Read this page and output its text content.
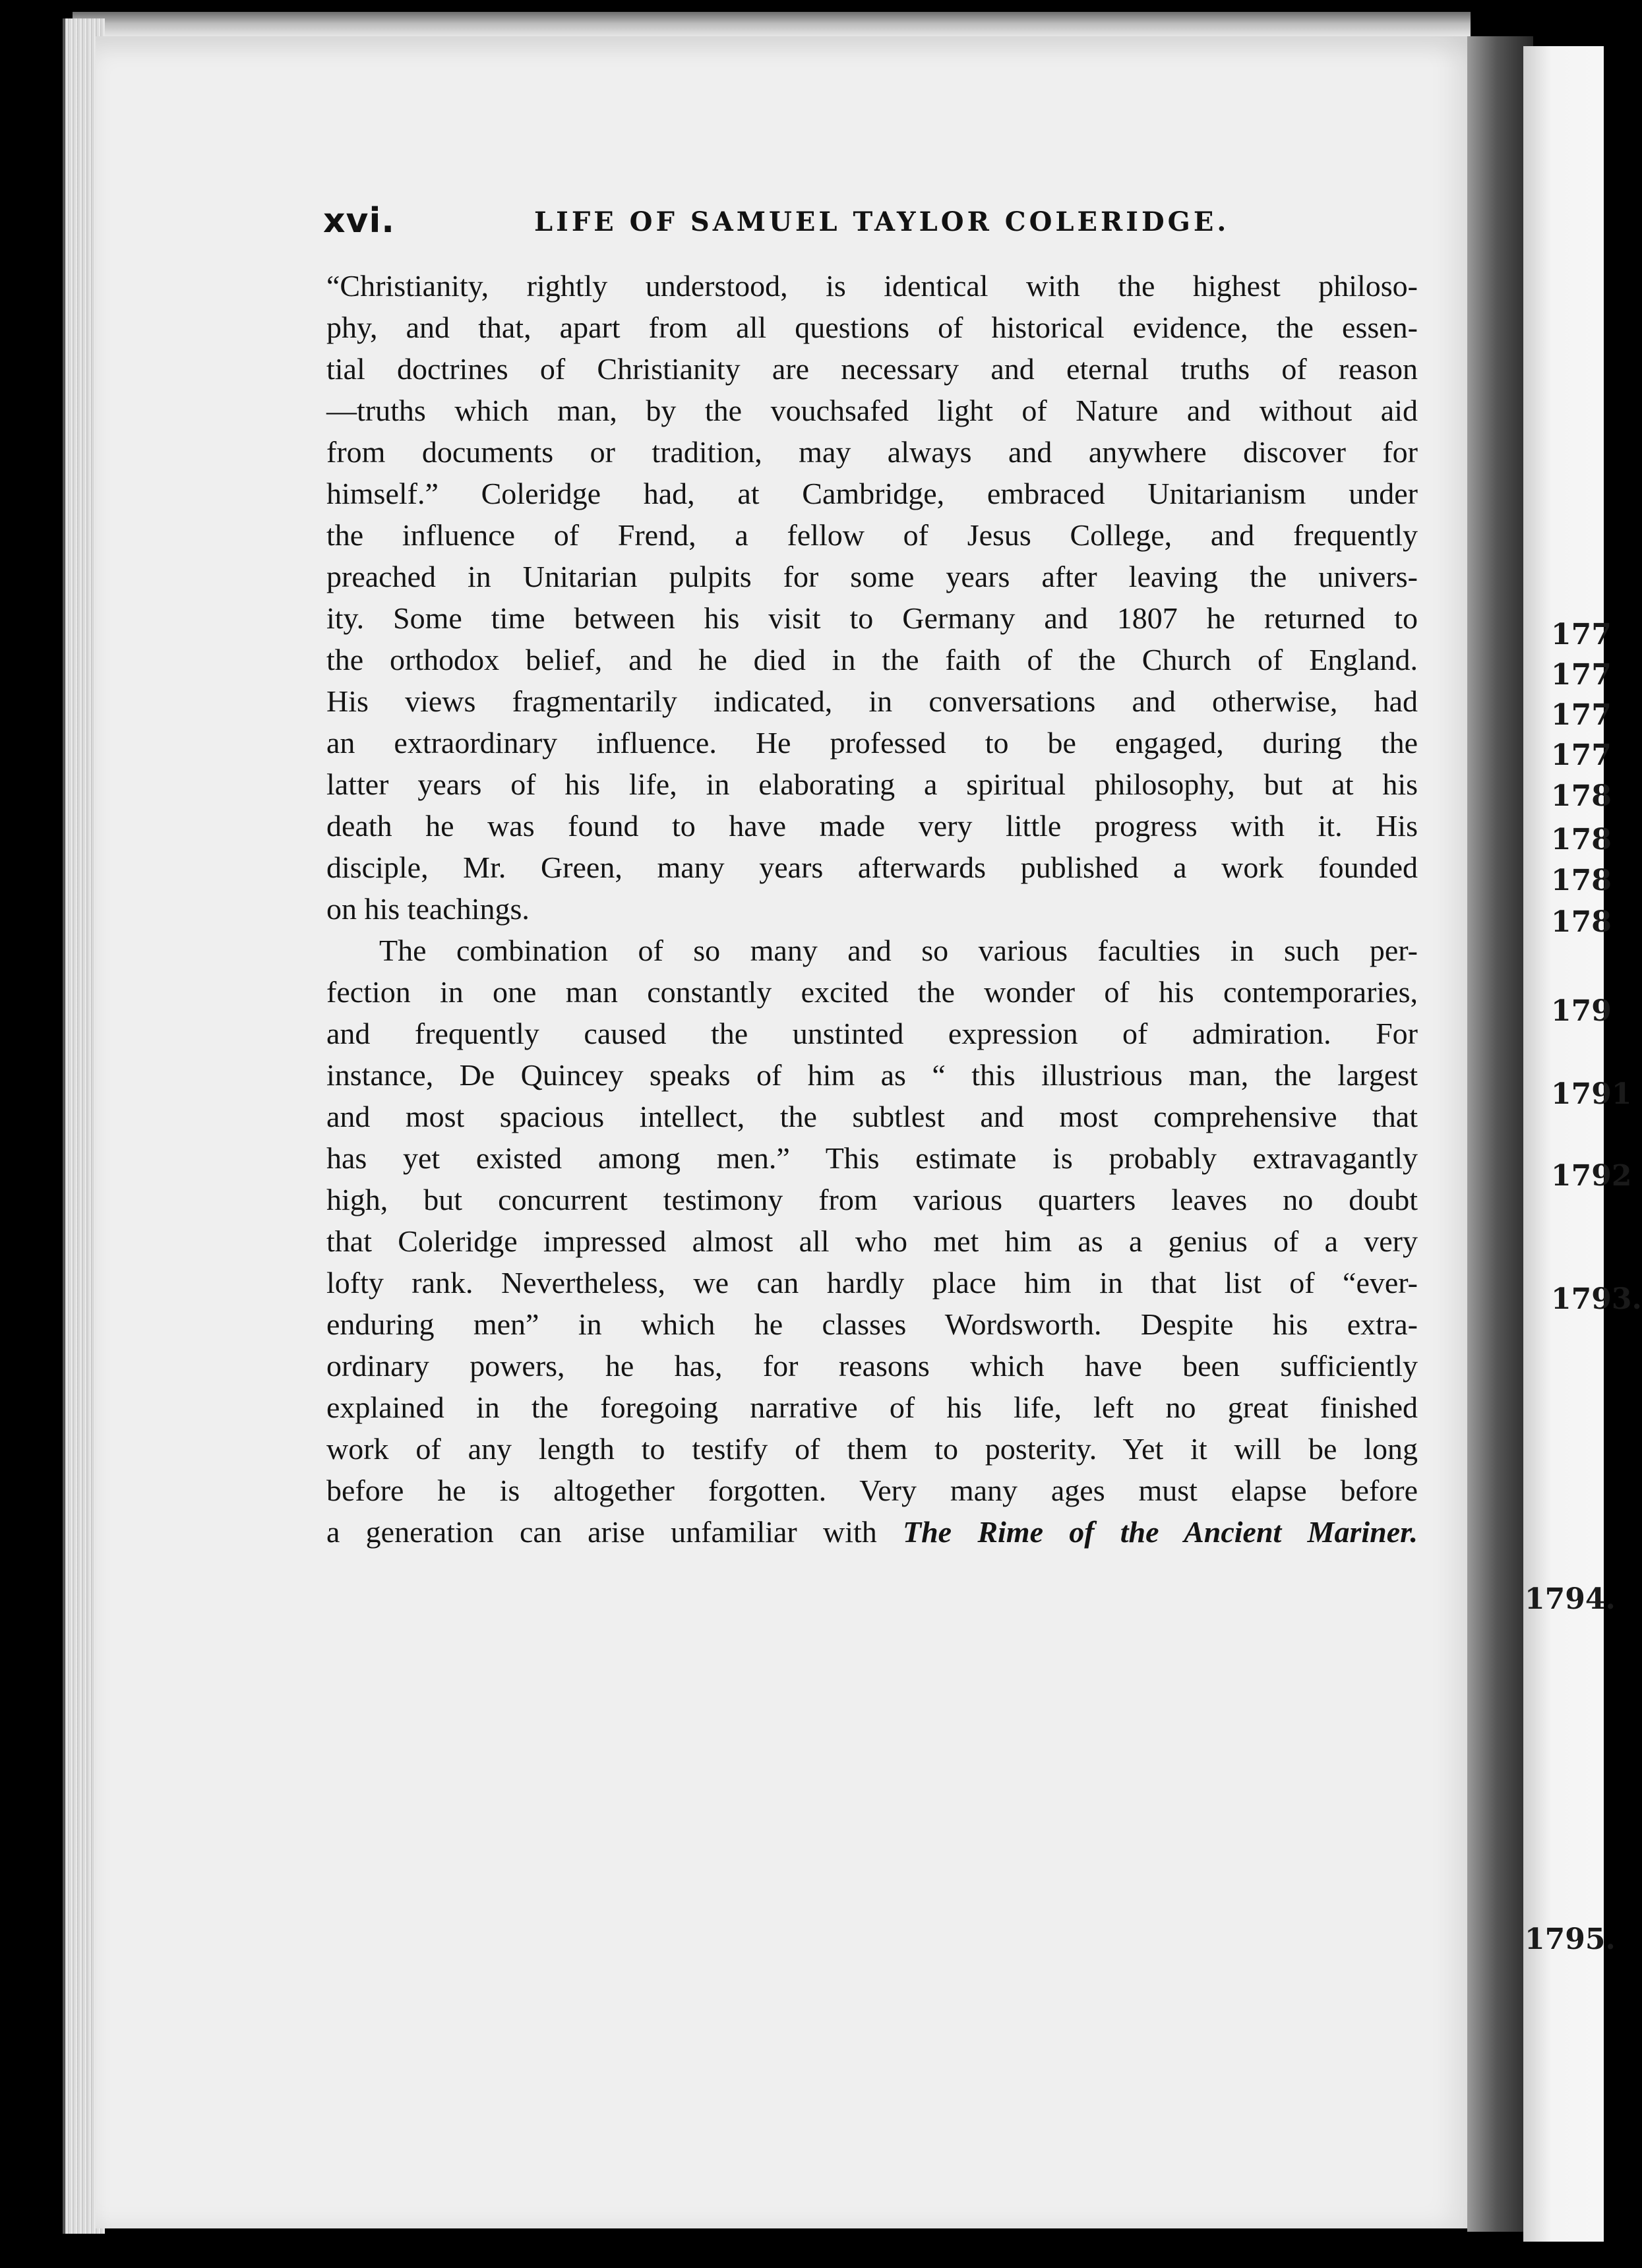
xvi.	LIFE OF SAMUEL TAYLOR COLERIDGE.
“Christianity, rightly understood, is identical with the highest philoso-
phy, and that, apart from all questions of historical evidence, the essen-
tial doctrines of Christianity are necessary and eternal truths of reason
—truths which man, by the vouchsafed light of Nature and without aid
from documents or tradition, may always and anywhere discover for
himself.” Coleridge had, at Cambridge, embraced Unitarianism under
the influence of Frend, a fellow of Jesus College, and frequently
preached in Unitarian pulpits for some years after leaving the univers-
ity. Some time between his visit to Germany and 1807 he returned to
the orthodox belief, and he died in the faith of the Church of England.
His views fragmentarily indicated, in conversations and otherwise, had
an extraordinary influence. He professed to be engaged, during the
latter years of his life, in elaborating a spiritual philosophy, but at his
death he was found to have made very little progress with it. His
disciple, Mr. Green, many years afterwards published a work founded
on his teachings.
The combination of so many and so various faculties in such per-
fection in one man constantly excited the wonder of his contemporaries,
and frequently caused the unstinted expression of admiration. For
instance, De Quincey speaks of him as “ this illustrious man, the largest
and most spacious intellect, the subtlest and most comprehensive that
has yet existed among men.” This estimate is probably extravagantly
high, but concurrent testimony from various quarters leaves no doubt
that Coleridge impressed almost all who met him as a genius of a very
lofty rank. Nevertheless, we can hardly place him in that list of “ever-
enduring men” in which he classes Wordsworth. Despite his extra-
ordinary powers, he has, for reasons which have been sufficiently
explained in the foregoing narrative of his life, left no great finished
work of any length to testify of them to posterity. Yet it will be long
before he is altogether forgotten. Very many ages must elapse before
a generation can arise unfamiliar with The Rime of the Ancient Mariner.
177
177
177
177
178
178
178
178
179
1791
1792
1793.
1794.
1795.
